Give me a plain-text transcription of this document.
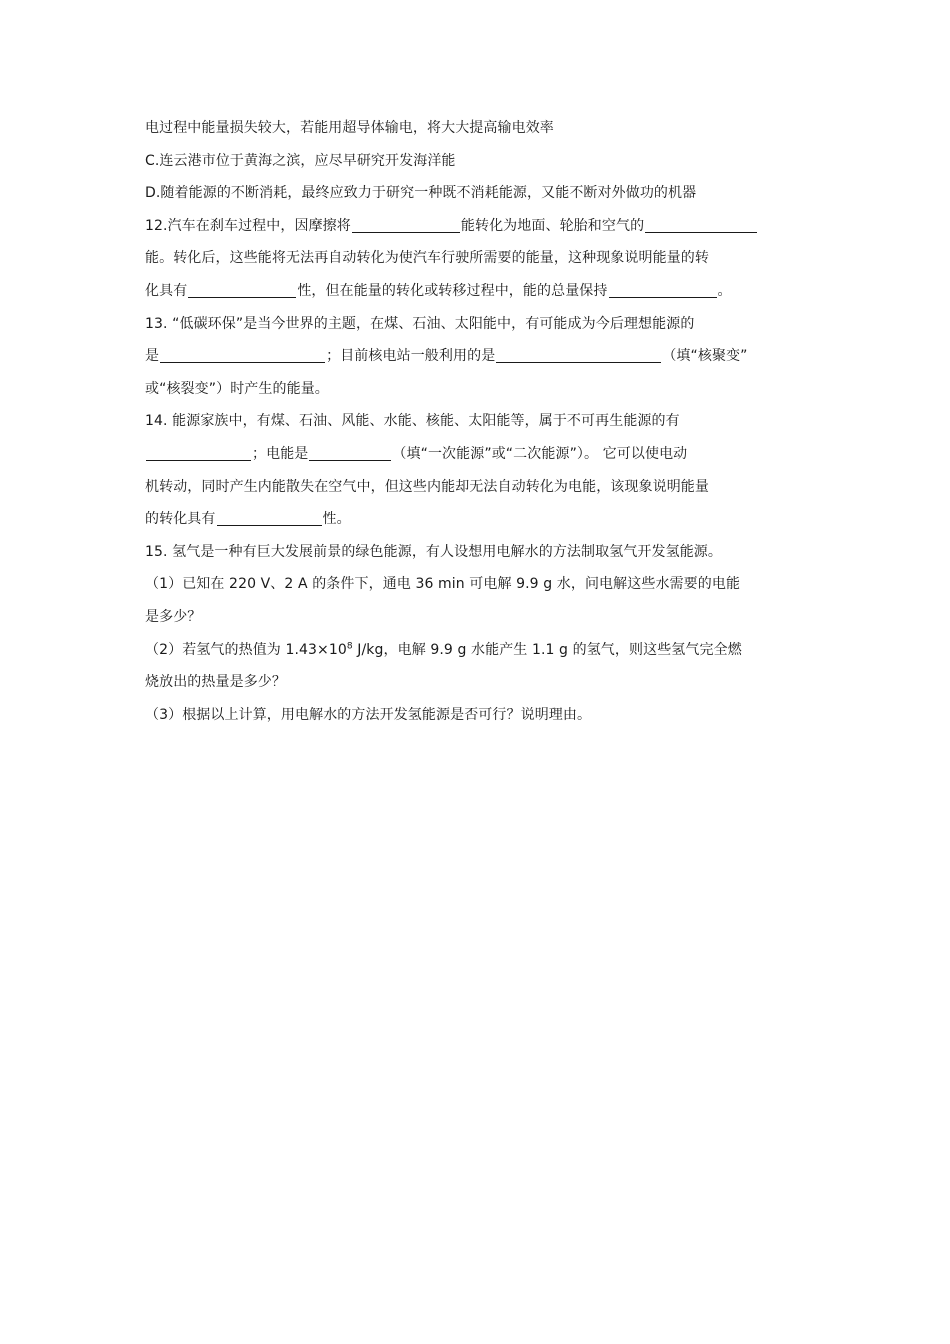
电过程中能量损失较大，若能用超导体输电，将大大提高输电效率
C.连云港市位于黄海之滨，应尽早研究开发海洋能
D.随着能源的不断消耗，最终应致力于研究一种既不消耗能源，又能不断对外做功的机器
12.汽车在刹车过程中，因摩擦将	能转化为地面、轮胎和空气的
能。转化后，这些能将无法再自动转化为使汽车行驶所需要的能量，这种现象说明能量的转
化具有	性，但在能量的转化或转移过程中，能的总量保持	。
13. “低碳环保”是当今世界的主题，在煤、石油、太阳能中，有可能成为今后理想能源的
是	；目前核电站一般利用的是	（填“核聚变”
或“核裂变”）时产生的能量。
14. 能源家族中，有煤、石油、风能、水能、核能、太阳能等，属于不可再生能源的有
；电能是	（填“一次能源”或“二次能源”）。 它可以使电动
机转动，同时产生内能散失在空气中，但这些内能却无法自动转化为电能，该现象说明能量
的转化具有	性。
15. 氢气是一种有巨大发展前景的绿色能源，有人设想用电解水的方法制取氢气开发氢能源。
（1）已知在 220 V、2 A 的条件下，通电 36 min 可电解 9.9 g 水，问电解这些水需要的电能
是多少？
（2）若氢气的热值为 $1.43\times 10^8$ J/kg，电解 9.9 g 水能产生 1.1 g 的氢气，则这些氢气完全燃
烧放出的热量是多少？
（3）根据以上计算，用电解水的方法开发氢能源是否可行？说明理由。
